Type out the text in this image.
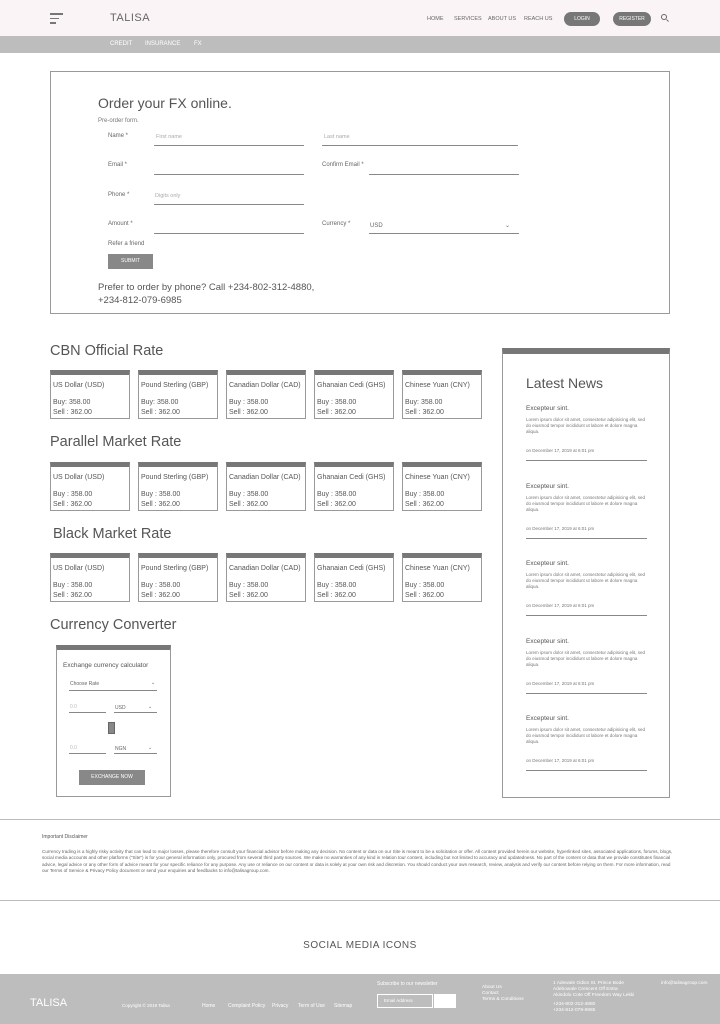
TALISA	HOME SERVICES ABOUT US REACH US	LOGIN	REGISTER
CREDIT INSURANCE FX
Order your FX online.
Pre-order form.
Name *	First name	Last name
Email *	Confirm Email *
Phone *	Digits only
Amount *	Currency *	USD	⌄
Refer a friend
SUBMIT
Prefer to order by phone? Call +234-802-312-4880, +234-812-079-6985
CBN Official Rate
US Dollar (USD)
Buy: 358.00
Sell : 362.00
Pound Sterling (GBP)
Buy: 358.00
Sell : 362.00
Canadian Dollar (CAD)
Buy : 358.00
Sell : 362.00
Ghanaian Cedi (GHS)
Buy : 358.00
Sell : 362.00
Chinese Yuan (CNY)
Buy: 358.00
Sell : 362.00
Parallel Market Rate
US Dollar (USD)
Buy : 358.00
Sell : 362.00
Pound Sterling (GBP)
Buy : 358.00
Sell : 362.00
Canadian Dollar (CAD)
Buy : 358.00
Sell : 362.00
Ghanaian Cedi (GHS)
Buy : 358.00
Sell : 362.00
Chinese Yuan (CNY)
Buy : 358.00
Sell : 362.00
Black Market Rate
US Dollar (USD)
Buy : 358.00
Sell : 362.00
Pound Sterling (GBP)
Buy : 358.00
Sell : 362.00
Canadian Dollar (CAD)
Buy : 358.00
Sell : 362.00
Ghanaian Cedi (GHS)
Buy : 358.00
Sell : 362.00
Chinese Yuan (CNY)
Buy : 358.00
Sell : 362.00
Currency Converter
Exchange currency calculator
Choose Rate	⌄
0.0	USD	⌄
0.0	NGN	⌄
EXCHANGE NOW
Latest News
Excepteur sint.
Lorem ipsum dolor sit amet, consectetur adipisicing elit, sed do eiusmod tempor incididunt ut labore et dolore magna aliqua.
on December 17, 2019 at 6:01 pm
Excepteur sint.
Lorem ipsum dolor sit amet, consectetur adipisicing elit, sed do eiusmod tempor incididunt ut labore et dolore magna aliqua.
on December 17, 2019 at 6:01 pm
Excepteur sint.
Lorem ipsum dolor sit amet, consectetur adipisicing elit, sed do eiusmod tempor incididunt ut labore et dolore magna aliqua.
on December 17, 2019 at 6:01 pm
Excepteur sint.
Lorem ipsum dolor sit amet, consectetur adipisicing elit, sed do eiusmod tempor incididunt ut labore et dolore magna aliqua.
on December 17, 2019 at 6:01 pm
Excepteur sint.
Lorem ipsum dolor sit amet, consectetur adipisicing elit, sed do eiusmod tempor incididunt ut labore et dolore magna aliqua.
on December 17, 2019 at 6:01 pm
Important Disclaimer
Currency trading is a highly risky activity that can lead to major losses, please therefore consult your financial advisor before making any decision. No content or data on our Site is meant to be a solicitation or offer. All content provided herein our website, hyperlinked sites, associated applications, forums, blogs, social media accounts and other platforms ("Site") is for your general information only, procured from several third party sources. We make no warranties of any kind in relation tour content, including but not limited to accuracy and updatedness. No part of the content or data that we provide constitutes financial advice, legal advice or any other form of advice meant for your specific reliance for any purpose. Any use or reliance on our content or data is solely at your own risk and discretion. You should conduct your own research, review, analysis and verify our content before relying on them. For more information, read our Terms of Service & Privacy Policy document or send your enquiries and feedbacks to info@talisagroup.com.
SOCIAL MEDIA ICONS
TALISA	Copyright © 2019 Talisa	Home	Complaint Policy Privacy Term of Use Sitemap
Subscribe to our newsletter
Email Address
About Us
Contact
Terms & Conditions
1 Adewale Odion St. Prince Bode
Adebowale Crescent Off Entra
Akindolu Cote Off Freedom Way Lekki
+234-802-312-4880
+234-812-079-6985
info@talisagroup.com
